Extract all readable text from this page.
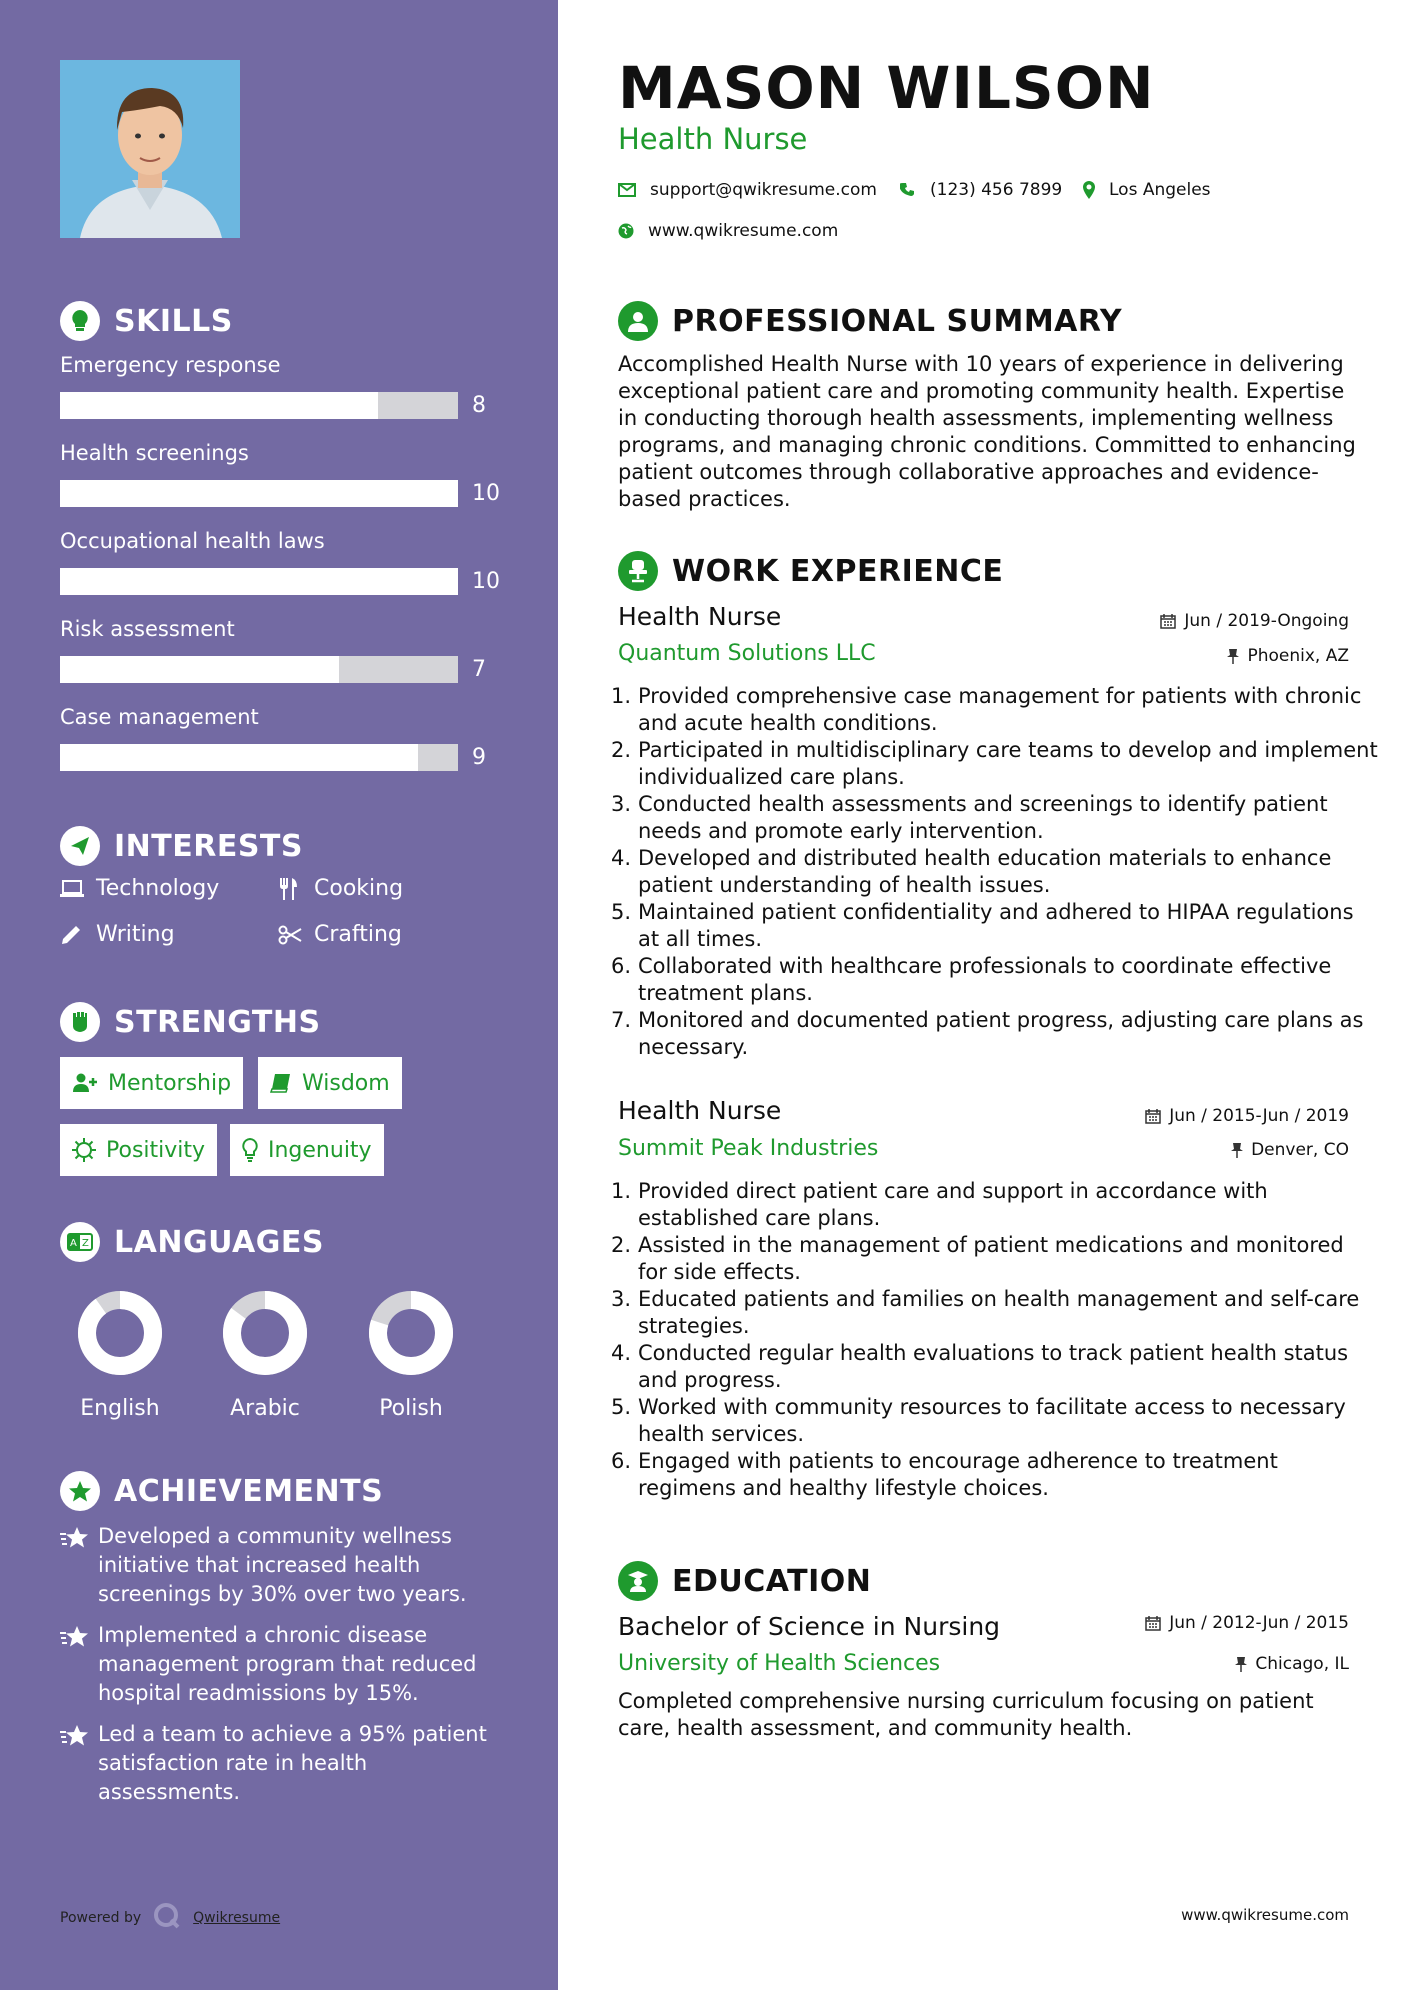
SKILLS
Emergency response
8
Health screenings
10
Occupational health laws
10
Risk assessment
7
Case management
9
INTERESTS
Technology	Cooking
Writing	Crafting
STRENGTHS
Mentorship	Wisdom
Positivity	Ingenuity
A Z LANGUAGES
English	Arabic	Polish
ACHIEVEMENTS
Developed a community wellness initiative that increased health screenings by 30% over two years.
Implemented a chronic disease management program that reduced hospital readmissions by 15%.
Led a team to achieve a 95% patient satisfaction rate in health assessments.
Powered by	Qwikresume
MASON WILSON
Health Nurse
support@qwikresume.com	(123) 456 7899	Los Angeles
www.qwikresume.com
PROFESSIONAL SUMMARY
Accomplished Health Nurse with 10 years of experience in delivering exceptional patient care and promoting community health. Expertise in conducting thorough health assessments, implementing wellness programs, and managing chronic conditions. Committed to enhancing patient outcomes through collaborative approaches and evidence-based practices.
WORK EXPERIENCE
Health Nurse	Jun / 2019-Ongoing
Quantum Solutions LLC	Phoenix, AZ
1. Provided comprehensive case management for patients with chronic and acute health conditions.
2. Participated in multidisciplinary care teams to develop and implement individualized care plans.
3. Conducted health assessments and screenings to identify patient needs and promote early intervention.
4. Developed and distributed health education materials to enhance patient understanding of health issues.
5. Maintained patient confidentiality and adhered to HIPAA regulations at all times.
6. Collaborated with healthcare professionals to coordinate effective treatment plans.
7. Monitored and documented patient progress, adjusting care plans as necessary.
Health Nurse	Jun / 2015-Jun / 2019
Summit Peak Industries	Denver, CO
1. Provided direct patient care and support in accordance with established care plans.
2. Assisted in the management of patient medications and monitored for side effects.
3. Educated patients and families on health management and self-care strategies.
4. Conducted regular health evaluations to track patient health status and progress.
5. Worked with community resources to facilitate access to necessary health services.
6. Engaged with patients to encourage adherence to treatment regimens and healthy lifestyle choices.
EDUCATION
Bachelor of Science in Nursing	Jun / 2012-Jun / 2015
University of Health Sciences	Chicago, IL
Completed comprehensive nursing curriculum focusing on patient care, health assessment, and community health.
www.qwikresume.com
